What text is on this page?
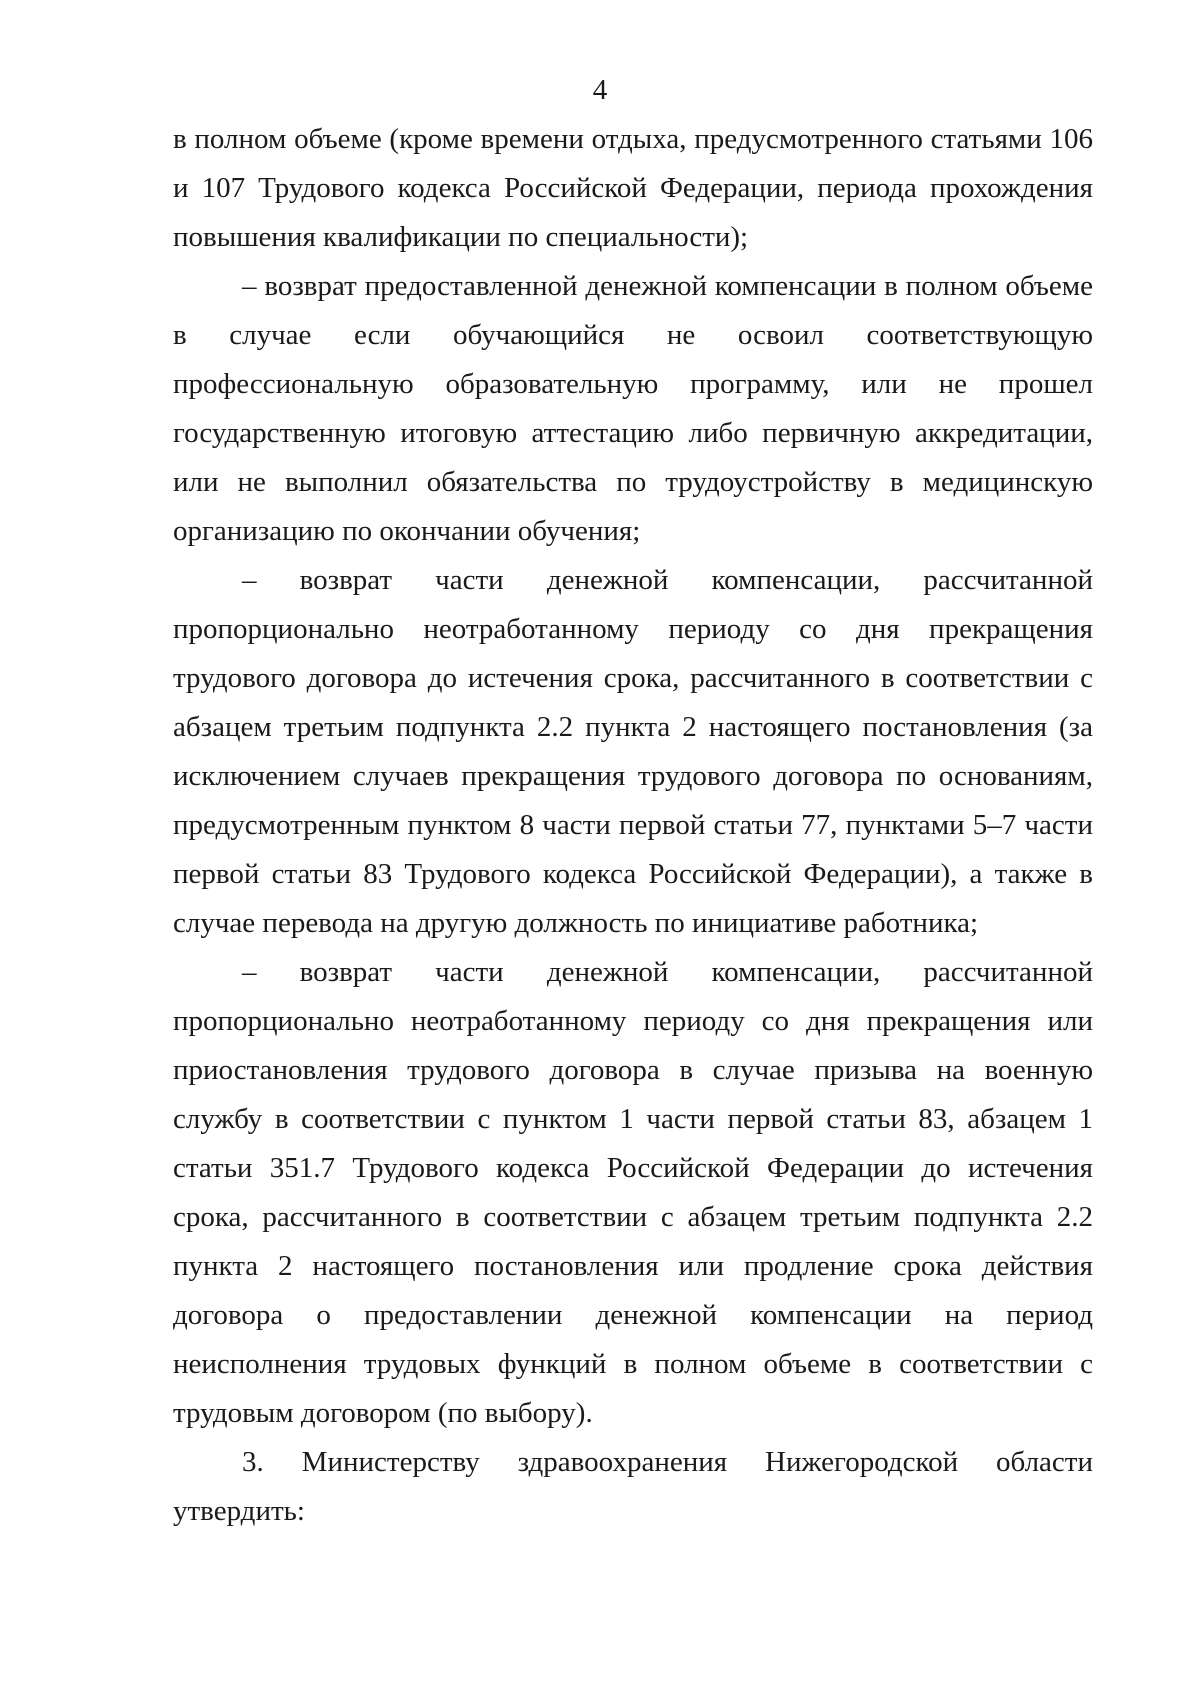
4

в полном объеме (кроме времени отдыха, предусмотренного статьями 106 и 107 Трудового кодекса Российской Федерации, периода прохождения повышения квалификации по специальности);

– возврат предоставленной денежной компенсации в полном объеме в случае если обучающийся не освоил соответствующую профессиональную образовательную программу, или не прошел государственную итоговую аттестацию либо первичную аккредитации, или не выполнил обязательства по трудоустройству в медицинскую организацию по окончании обучения;

– возврат части денежной компенсации, рассчитанной пропорционально неотработанному периоду со дня прекращения трудового договора до истечения срока, рассчитанного в соответствии с абзацем третьим подпункта 2.2 пункта 2 настоящего постановления (за исключением случаев прекращения трудового договора по основаниям, предусмотренным пунктом 8 части первой статьи 77, пунктами 5–7 части первой статьи 83 Трудового кодекса Российской Федерации), а также в случае перевода на другую должность по инициативе работника;

– возврат части денежной компенсации, рассчитанной пропорционально неотработанному периоду со дня прекращения или приостановления трудового договора в случае призыва на военную службу в соответствии с пунктом 1 части первой статьи 83, абзацем 1 статьи 351.7 Трудового кодекса Российской Федерации до истечения срока, рассчитанного в соответствии с абзацем третьим подпункта 2.2 пункта 2 настоящего постановления или продление срока действия договора о предоставлении денежной компенсации на период неисполнения трудовых функций в полном объеме в соответствии с трудовым договором (по выбору).

3. Министерству здравоохранения Нижегородской области утвердить:
